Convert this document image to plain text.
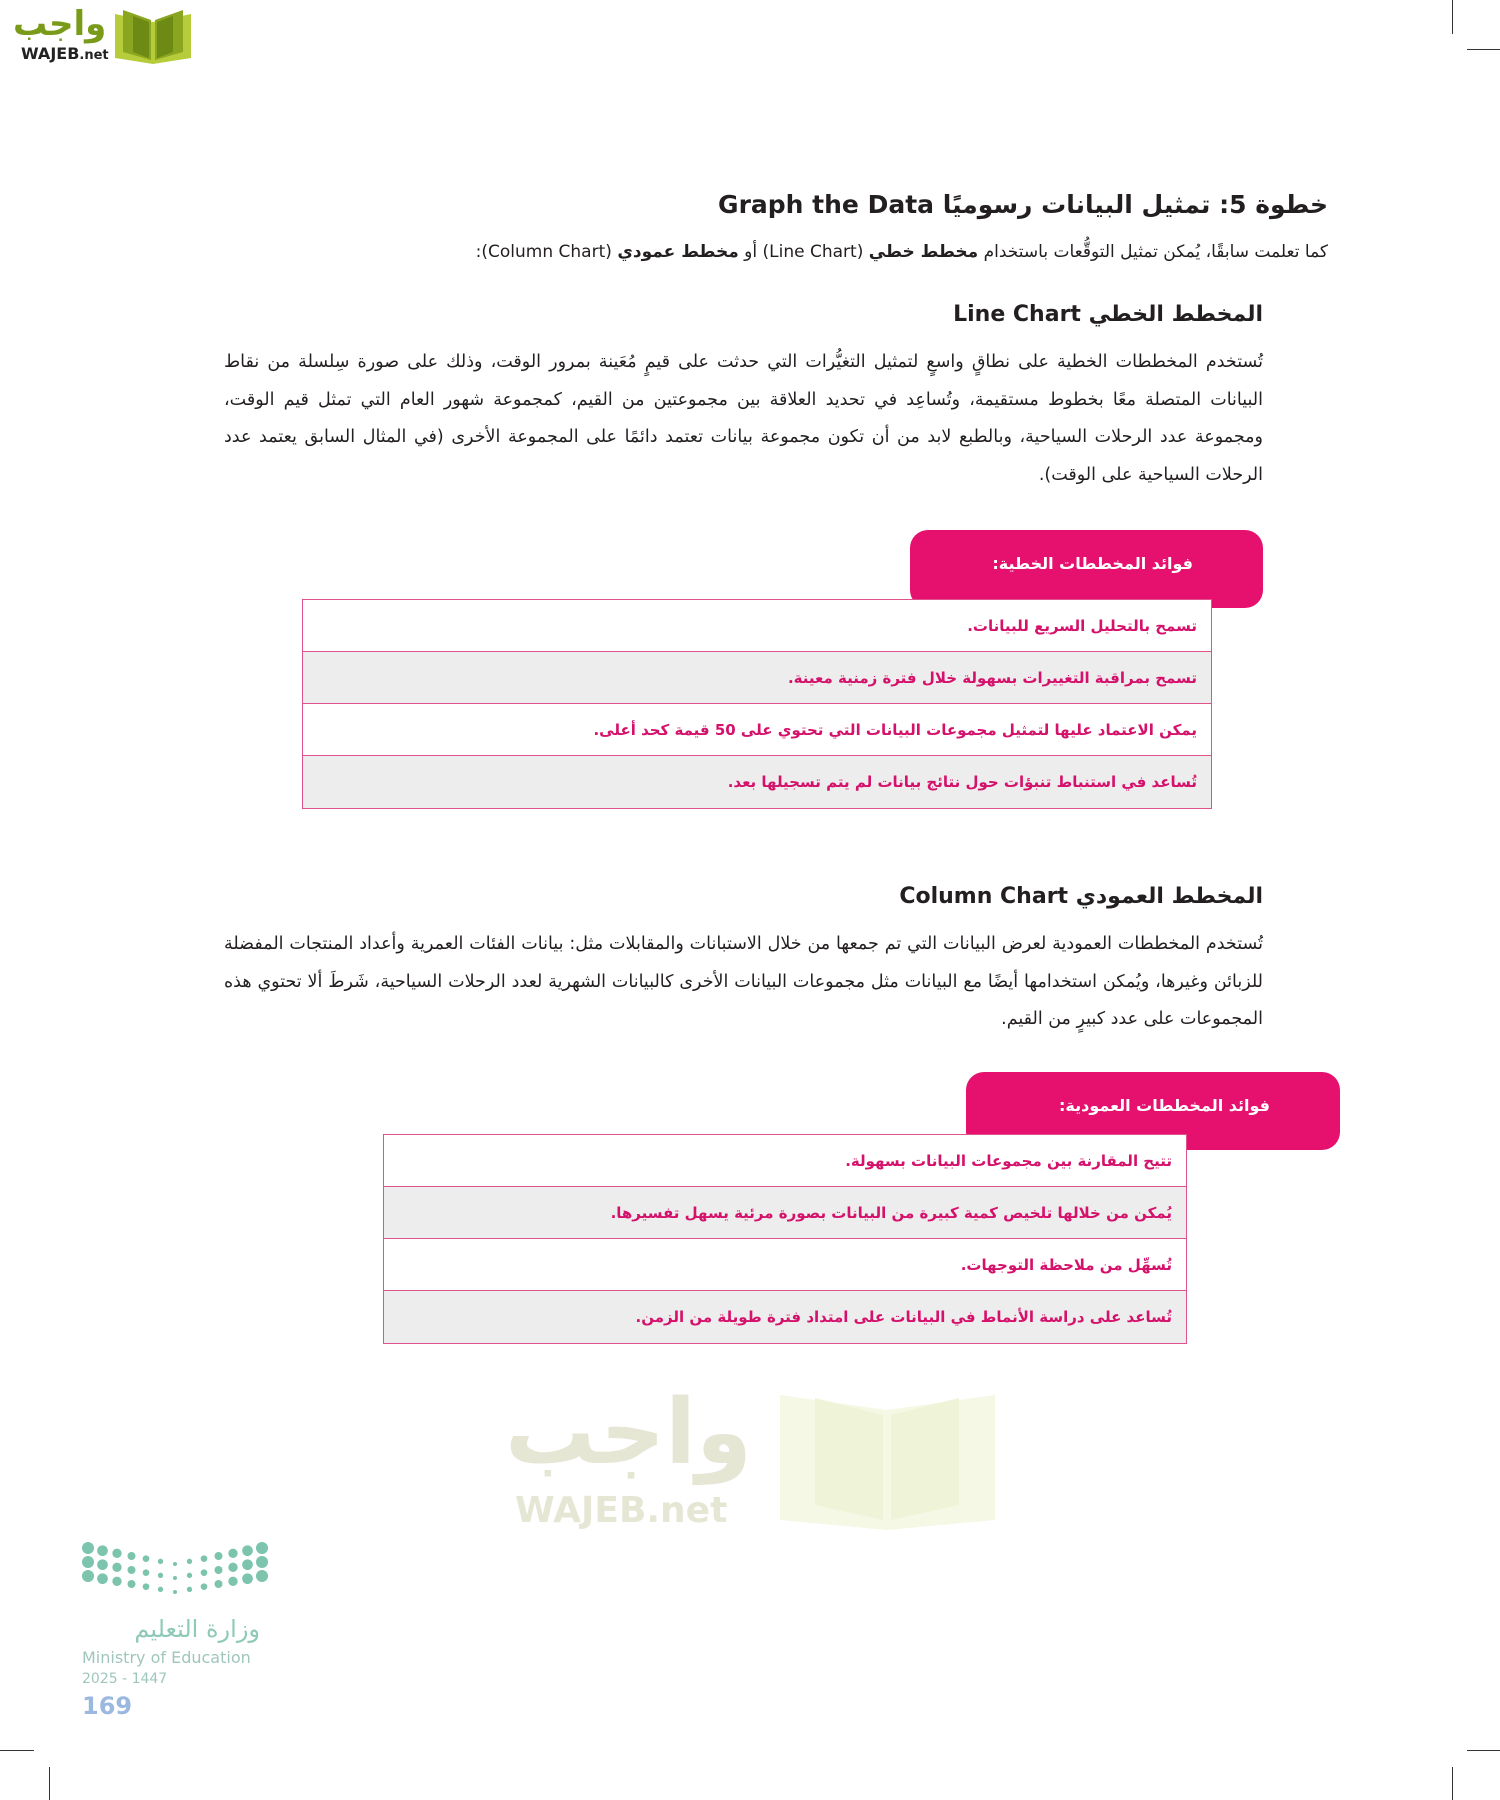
واجب
WAJEB.net
خطوة 5: تمثيل البيانات رسوميًا Graph the Data
كما تعلمت سابقًا، يُمكن تمثيل التوقُّعات باستخدام مخطط خطي (Line Chart) أو مخطط عمودي (Column Chart):
المخطط الخطي Line Chart
تُستخدم المخططات الخطية على نطاقٍ واسعٍ لتمثيل التغيُّرات التي حدثت على قيمٍ مُعَينة بمرور الوقت، وذلك على صورة سِلسلة من نقاط البيانات المتصلة معًا بخطوط مستقيمة، وتُساعِد في تحديد العلاقة بين مجموعتين من القيم، كمجموعة شهور العام التي تمثل قيم الوقت، ومجموعة عدد الرحلات السياحية، وبالطبع لابد من أن تكون مجموعة بيانات تعتمد دائمًا على المجموعة الأخرى (في المثال السابق يعتمد عدد الرحلات السياحية على الوقت).
فوائد المخططات الخطية:
تسمح بالتحليل السريع للبيانات.
تسمح بمراقبة التغييرات بسهولة خلال فترة زمنية معينة.
يمكن الاعتماد عليها لتمثيل مجموعات البيانات التي تحتوي على 50 قيمة كحد أعلى.
تُساعد في استنباط تنبؤات حول نتائج بيانات لم يتم تسجيلها بعد.
المخطط العمودي Column Chart
تُستخدم المخططات العمودية لعرض البيانات التي تم جمعها من خلال الاستبانات والمقابلات مثل: بيانات الفئات العمرية وأعداد المنتجات المفضلة للزبائن وغيرها، ويُمكن استخدامها أيضًا مع البيانات مثل مجموعات البيانات الأخرى كالبيانات الشهرية لعدد الرحلات السياحية، شَرطَ ألا تحتوي هذه المجموعات على عدد كبيرٍ من القيم.
فوائد المخططات العمودية:
تتيح المقارنة بين مجموعات البيانات بسهولة.
يُمكن من خلالها تلخيص كمية كبيرة من البيانات بصورة مرئية يسهل تفسيرها.
تُسهِّل من ملاحظة التوجهات.
تُساعد على دراسة الأنماط في البيانات على امتداد فترة طويلة من الزمن.
واجب
WAJEB.net
وزارة التعليم
Ministry of Education
2025 - 1447
169
